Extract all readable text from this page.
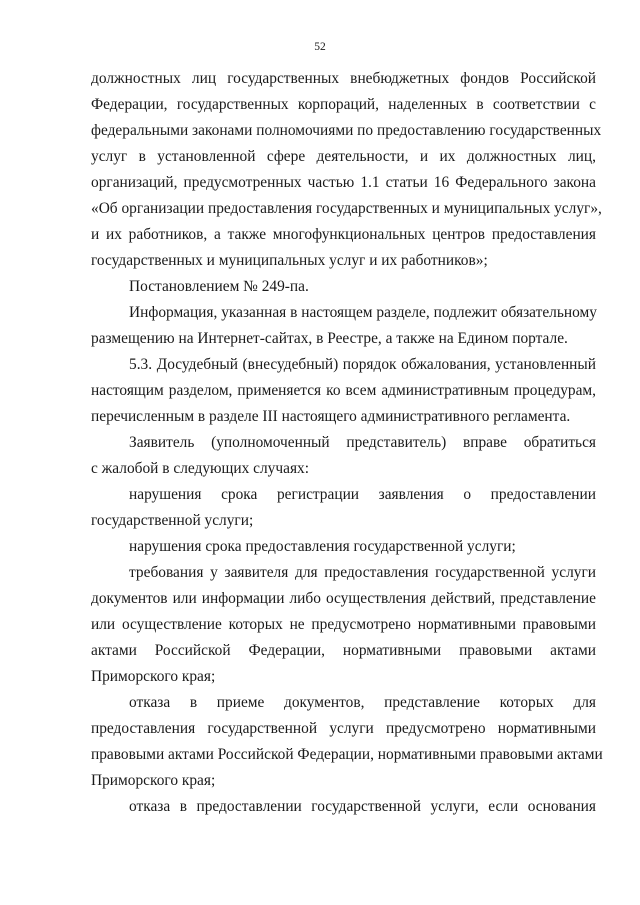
52
должностных лиц государственных внебюджетных фондов Российской
Федерации, государственных корпораций, наделенных в соответствии с
федеральными законами полномочиями по предоставлению государственных
услуг в установленной сфере деятельности, и их должностных лиц,
организаций, предусмотренных частью 1.1 статьи 16 Федерального закона
«Об организации предоставления государственных и муниципальных услуг»,
и их работников, а также многофункциональных центров предоставления
государственных и муниципальных услуг и их работников»;
Постановлением № 249-па.
Информация, указанная в настоящем разделе, подлежит обязательному
размещению на Интернет-сайтах, в Реестре, а также на Едином портале.
5.3. Досудебный (внесудебный) порядок обжалования, установленный
настоящим разделом, применяется ко всем административным процедурам,
перечисленным в разделе III настоящего административного регламента.
Заявитель (уполномоченный представитель) вправе обратиться
с жалобой в следующих случаях:
нарушения срока регистрации заявления о предоставлении
государственной услуги;
нарушения срока предоставления государственной услуги;
требования у заявителя для предоставления государственной услуги
документов или информации либо осуществления действий, представление
или осуществление которых не предусмотрено нормативными правовыми
актами Российской Федерации, нормативными правовыми актами
Приморского края;
отказа в приеме документов, представление которых для
предоставления государственной услуги предусмотрено нормативными
правовыми актами Российской Федерации, нормативными правовыми актами
Приморского края;
отказа в предоставлении государственной услуги, если основания
